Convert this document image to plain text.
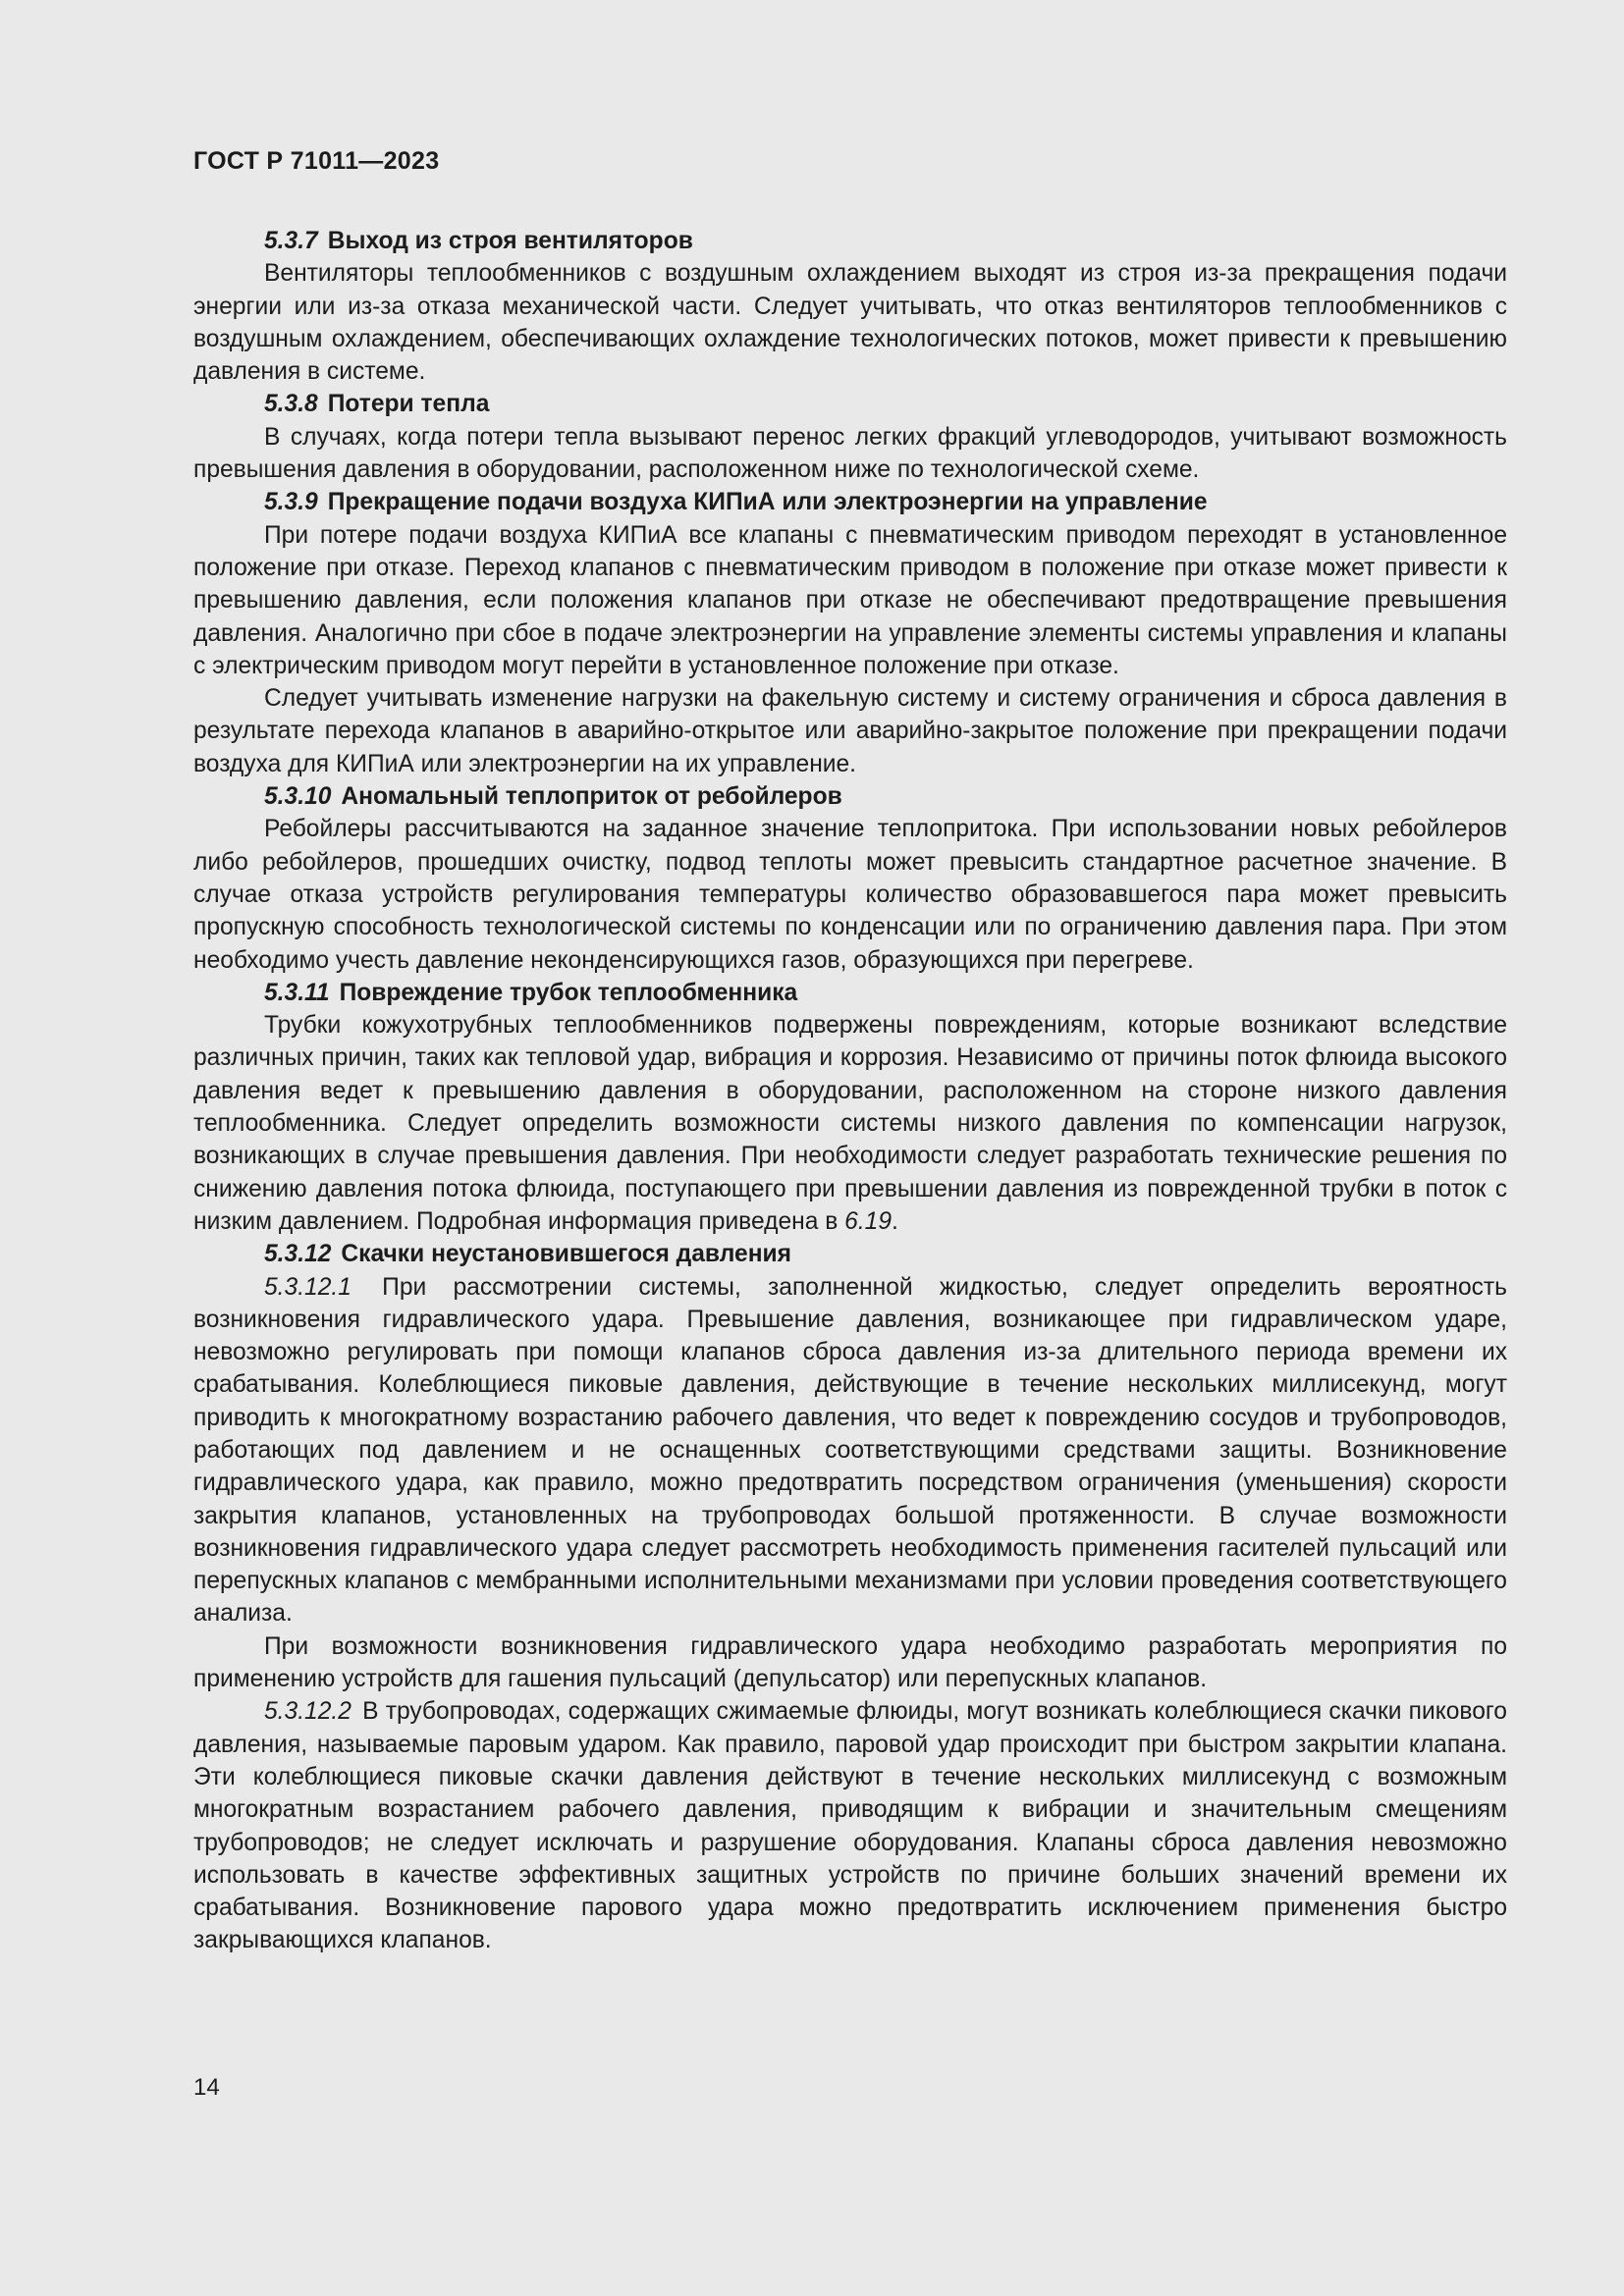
ГОСТ Р 71011—2023

5.3.7 Выход из строя вентиляторов

Вентиляторы теплообменников с воздушным охлаждением выходят из строя из-за прекращения подачи энергии или из-за отказа механической части. Следует учитывать, что отказ вентиляторов теплообменников с воздушным охлаждением, обеспечивающих охлаждение технологических потоков, может привести к превышению давления в системе.

5.3.8 Потери тепла

В случаях, когда потери тепла вызывают перенос легких фракций углеводородов, учитывают возможность превышения давления в оборудовании, расположенном ниже по технологической схеме.

5.3.9 Прекращение подачи воздуха КИПиА или электроэнергии на управление

При потере подачи воздуха КИПиА все клапаны с пневматическим приводом переходят в установленное положение при отказе. Переход клапанов с пневматическим приводом в положение при отказе может привести к превышению давления, если положения клапанов при отказе не обеспечивают предотвращение превышения давления. Аналогично при сбое в подаче электроэнергии на управление элементы системы управления и клапаны с электрическим приводом могут перейти в установленное положение при отказе.

Следует учитывать изменение нагрузки на факельную систему и систему ограничения и сброса давления в результате перехода клапанов в аварийно-открытое или аварийно-закрытое положение при прекращении подачи воздуха для КИПиА или электроэнергии на их управление.

5.3.10 Аномальный теплоприток от ребойлеров

Ребойлеры рассчитываются на заданное значение теплопритока. При использовании новых ребойлеров либо ребойлеров, прошедших очистку, подвод теплоты может превысить стандартное расчетное значение. В случае отказа устройств регулирования температуры количество образовавшегося пара может превысить пропускную способность технологической системы по конденсации или по ограничению давления пара. При этом необходимо учесть давление неконденсирующихся газов, образующихся при перегреве.

5.3.11 Повреждение трубок теплообменника

Трубки кожухотрубных теплообменников подвержены повреждениям, которые возникают вследствие различных причин, таких как тепловой удар, вибрация и коррозия. Независимо от причины поток флюида высокого давления ведет к превышению давления в оборудовании, расположенном на стороне низкого давления теплообменника. Следует определить возможности системы низкого давления по компенсации нагрузок, возникающих в случае превышения давления. При необходимости следует разработать технические решения по снижению давления потока флюида, поступающего при превышении давления из поврежденной трубки в поток с низким давлением. Подробная информация приведена в 6.19.

5.3.12 Скачки неустановившегося давления

5.3.12.1 При рассмотрении системы, заполненной жидкостью, следует определить вероятность возникновения гидравлического удара. Превышение давления, возникающее при гидравлическом ударе, невозможно регулировать при помощи клапанов сброса давления из-за длительного периода времени их срабатывания. Колеблющиеся пиковые давления, действующие в течение нескольких миллисекунд, могут приводить к многократному возрастанию рабочего давления, что ведет к повреждению сосудов и трубопроводов, работающих под давлением и не оснащенных соответствующими средствами защиты. Возникновение гидравлического удара, как правило, можно предотвратить посредством ограничения (уменьшения) скорости закрытия клапанов, установленных на трубопроводах большой протяженности. В случае возможности возникновения гидравлического удара следует рассмотреть необходимость применения гасителей пульсаций или перепускных клапанов с мембранными исполнительными механизмами при условии проведения соответствующего анализа.

При возможности возникновения гидравлического удара необходимо разработать мероприятия по применению устройств для гашения пульсаций (депульсатор) или перепускных клапанов.

5.3.12.2 В трубопроводах, содержащих сжимаемые флюиды, могут возникать колеблющиеся скачки пикового давления, называемые паровым ударом. Как правило, паровой удар происходит при быстром закрытии клапана. Эти колеблющиеся пиковые скачки давления действуют в течение нескольких миллисекунд с возможным многократным возрастанием рабочего давления, приводящим к вибрации и значительным смещениям трубопроводов; не следует исключать и разрушение оборудования. Клапаны сброса давления невозможно использовать в качестве эффективных защитных устройств по причине больших значений времени их срабатывания. Возникновение парового удара можно предотвратить исключением применения быстро закрывающихся клапанов.

14
